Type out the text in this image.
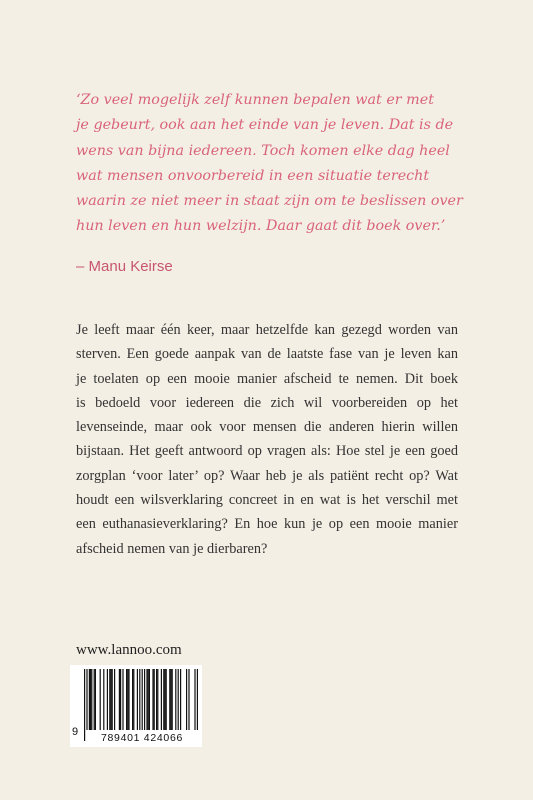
‘Zo veel mogelijk zelf kunnen bepalen wat er met
je gebeurt, ook aan het einde van je leven. Dat is de
wens van bijna iedereen. Toch komen elke dag heel
wat mensen onvoorbereid in een situatie terecht
waarin ze niet meer in staat zijn om te beslissen over
hun leven en hun welzijn. Daar gaat dit boek over.’

– Manu Keirse

Je leeft maar één keer, maar hetzelfde kan gezegd worden van
sterven. Een goede aanpak van de laatste fase van je leven kan
je toelaten op een mooie manier afscheid te nemen. Dit boek
is bedoeld voor iedereen die zich wil voorbereiden op het
levenseinde, maar ook voor mensen die anderen hierin willen
bijstaan. Het geeft antwoord op vragen als: Hoe stel je een goed
zorgplan ‘voor later’ op? Waar heb je als patiënt recht op? Wat
houdt een wilsverklaring concreet in en wat is het verschil met
een euthanasieverklaring? En hoe kun je op een mooie manier
afscheid nemen van je dierbaren?

www.lannoo.com

9	789401 424066
